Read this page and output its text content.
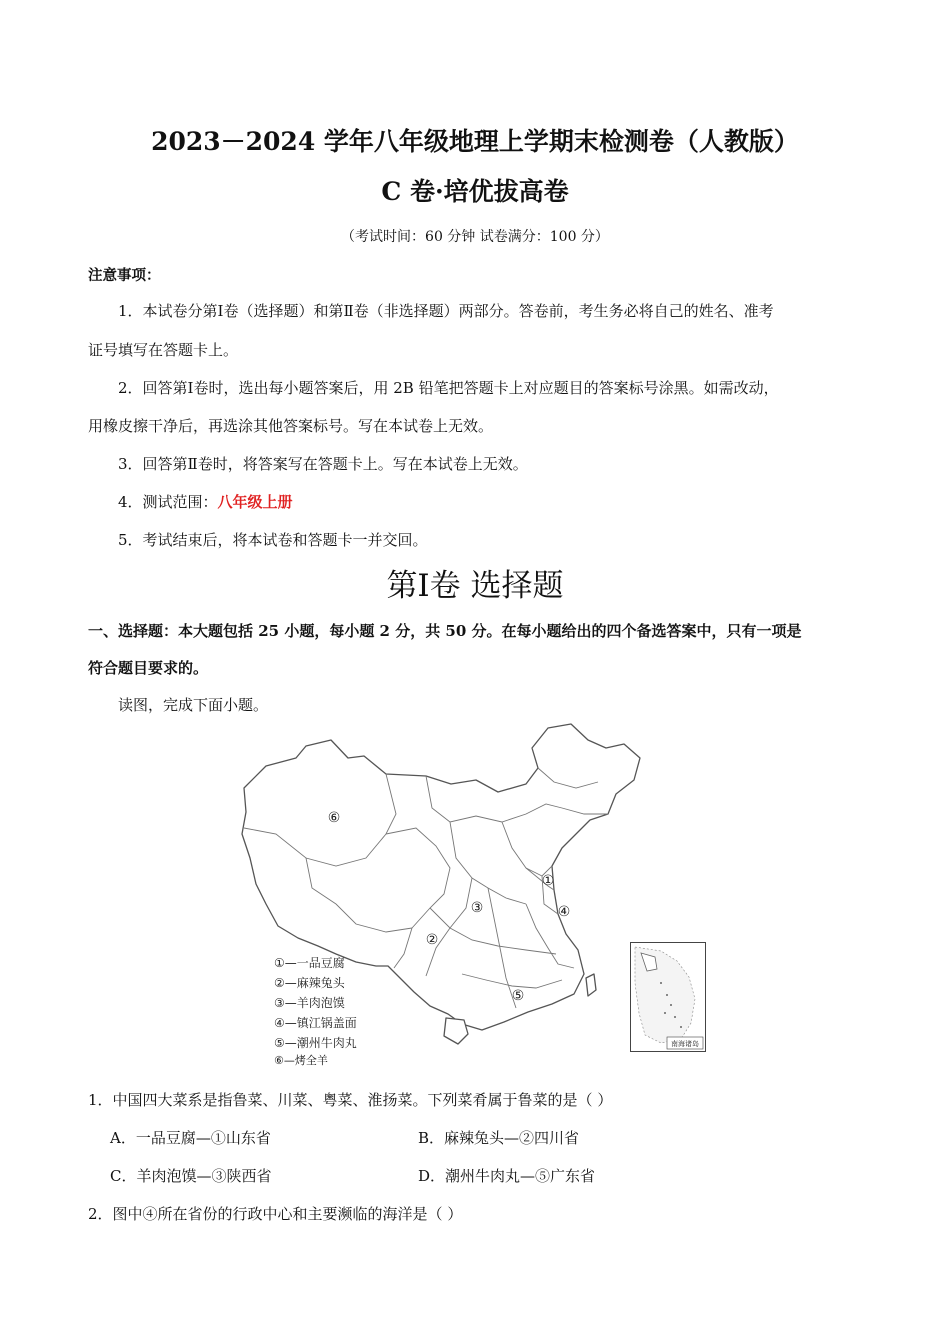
2023－2024 学年八年级地理上学期末检测卷（人教版）
C 卷·培优拔高卷
（考试时间：60 分钟 试卷满分：100 分）
注意事项：
1．本试卷分第Ⅰ卷（选择题）和第Ⅱ卷（非选择题）两部分。答卷前，考生务必将自己的姓名、准考
证号填写在答题卡上。
2．回答第Ⅰ卷时，选出每小题答案后，用 2B 铅笔把答题卡上对应题目的答案标号涂黑。如需改动，
用橡皮擦干净后，再选涂其他答案标号。写在本试卷上无效。
3．回答第Ⅱ卷时，将答案写在答题卡上。写在本试卷上无效。
4．测试范围：八年级上册
5．考试结束后，将本试卷和答题卡一并交回。
第Ⅰ卷 选择题
一、选择题：本大题包括 25 小题，每小题 2 分，共 50 分。在每小题给出的四个备选答案中，只有一项是
符合题目要求的。
读图，完成下面小题。
①
②
③	④
⑤
⑥
①—一品豆腐
②—麻辣兔头
③—羊肉泡馍
④—镇江锅盖面
⑤—潮州牛肉丸
⑥—烤全羊
南海诸岛
1．中国四大菜系是指鲁菜、川菜、粤菜、淮扬菜。下列菜肴属于鲁菜的是（ ）
A．一品豆腐—①山东省	B．麻辣兔头—②四川省
C．羊肉泡馍—③陕西省	D．潮州牛肉丸—⑤广东省
2．图中④所在省份的行政中心和主要濒临的海洋是（ ）
